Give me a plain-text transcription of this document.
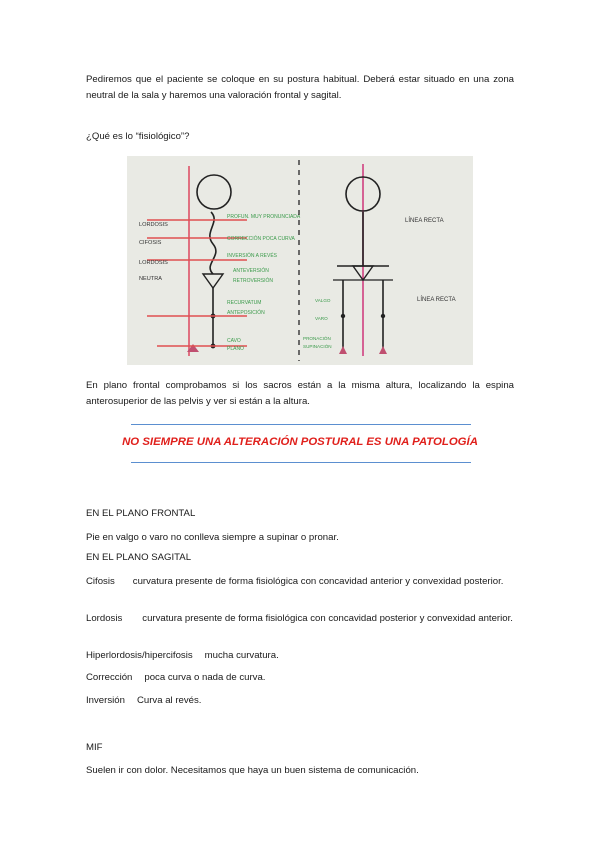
Pediremos que el paciente se coloque en su postura habitual. Deberá estar situado en una zona neutral de la sala y haremos una valoración frontal y sagital.
¿Qué es lo “fisiológico”?
LORDOSIS
CIFOSIS
LORDOSIS
NEUTRA
PROFUN. MUY PRONUNCIADA
CORRECCIÓN POCA CURVA
INVERSIÓN A REVÉS
ANTEVERSIÓN
RETROVERSIÓN
RECURVATUM
ANTEPOSICIÓN
CAVO
PLANO
LÍNEA RECTA
LÍNEA RECTA
VALGO
VARO
PRONACIÓN
SUPINACIÓN
En plano frontal comprobamos si los sacros están a la misma altura, localizando la espina anterosuperior de las pelvis y ver si están a la altura.
NO SIEMPRE UNA ALTERACIÓN POSTURAL ES UNA PATOLOGÍA
EN EL PLANO FRONTAL
Pie en valgo o varo no conlleva siempre a supinar o pronar.
EN EL PLANO SAGITAL
Cifosis curvatura presente de forma fisiológica con concavidad anterior y convexidad posterior.
Lordosis curvatura presente de forma fisiológica con concavidad posterior y convexidad anterior.
Hiperlordosis/hipercifosis mucha curvatura.
Corrección poca curva o nada de curva.
Inversión Curva al revés.
MIF
Suelen ir con dolor. Necesitamos que haya un buen sistema de comunicación.
